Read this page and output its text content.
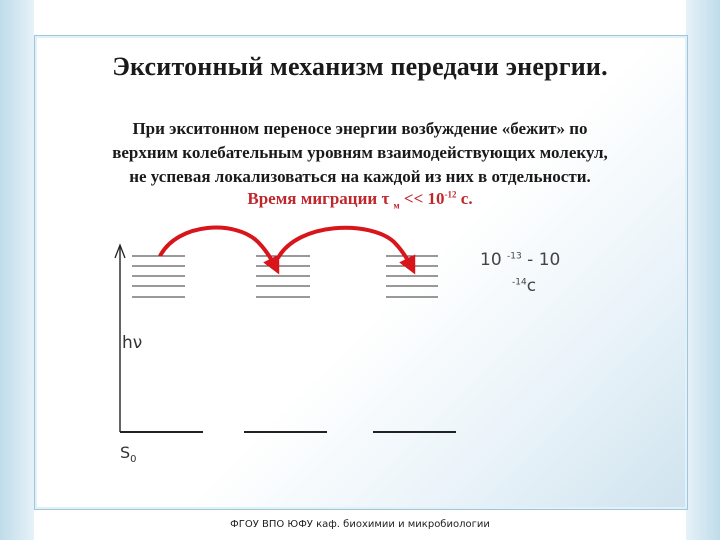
Экситонный механизм передачи энергии.
При экситонном переносе энергии возбуждение «бежит» по
верхним колебательным уровням взаимодействующих молекул,
не успевая локализоваться на каждой из них в отдельности.
Время миграции τ $_м << 10^{-12}$ с.
hν
$S_0$
10 $^{-13}$ - 10
$^{-14}$с
ФГОУ ВПО ЮФУ каф. биохимии и микробиологии
